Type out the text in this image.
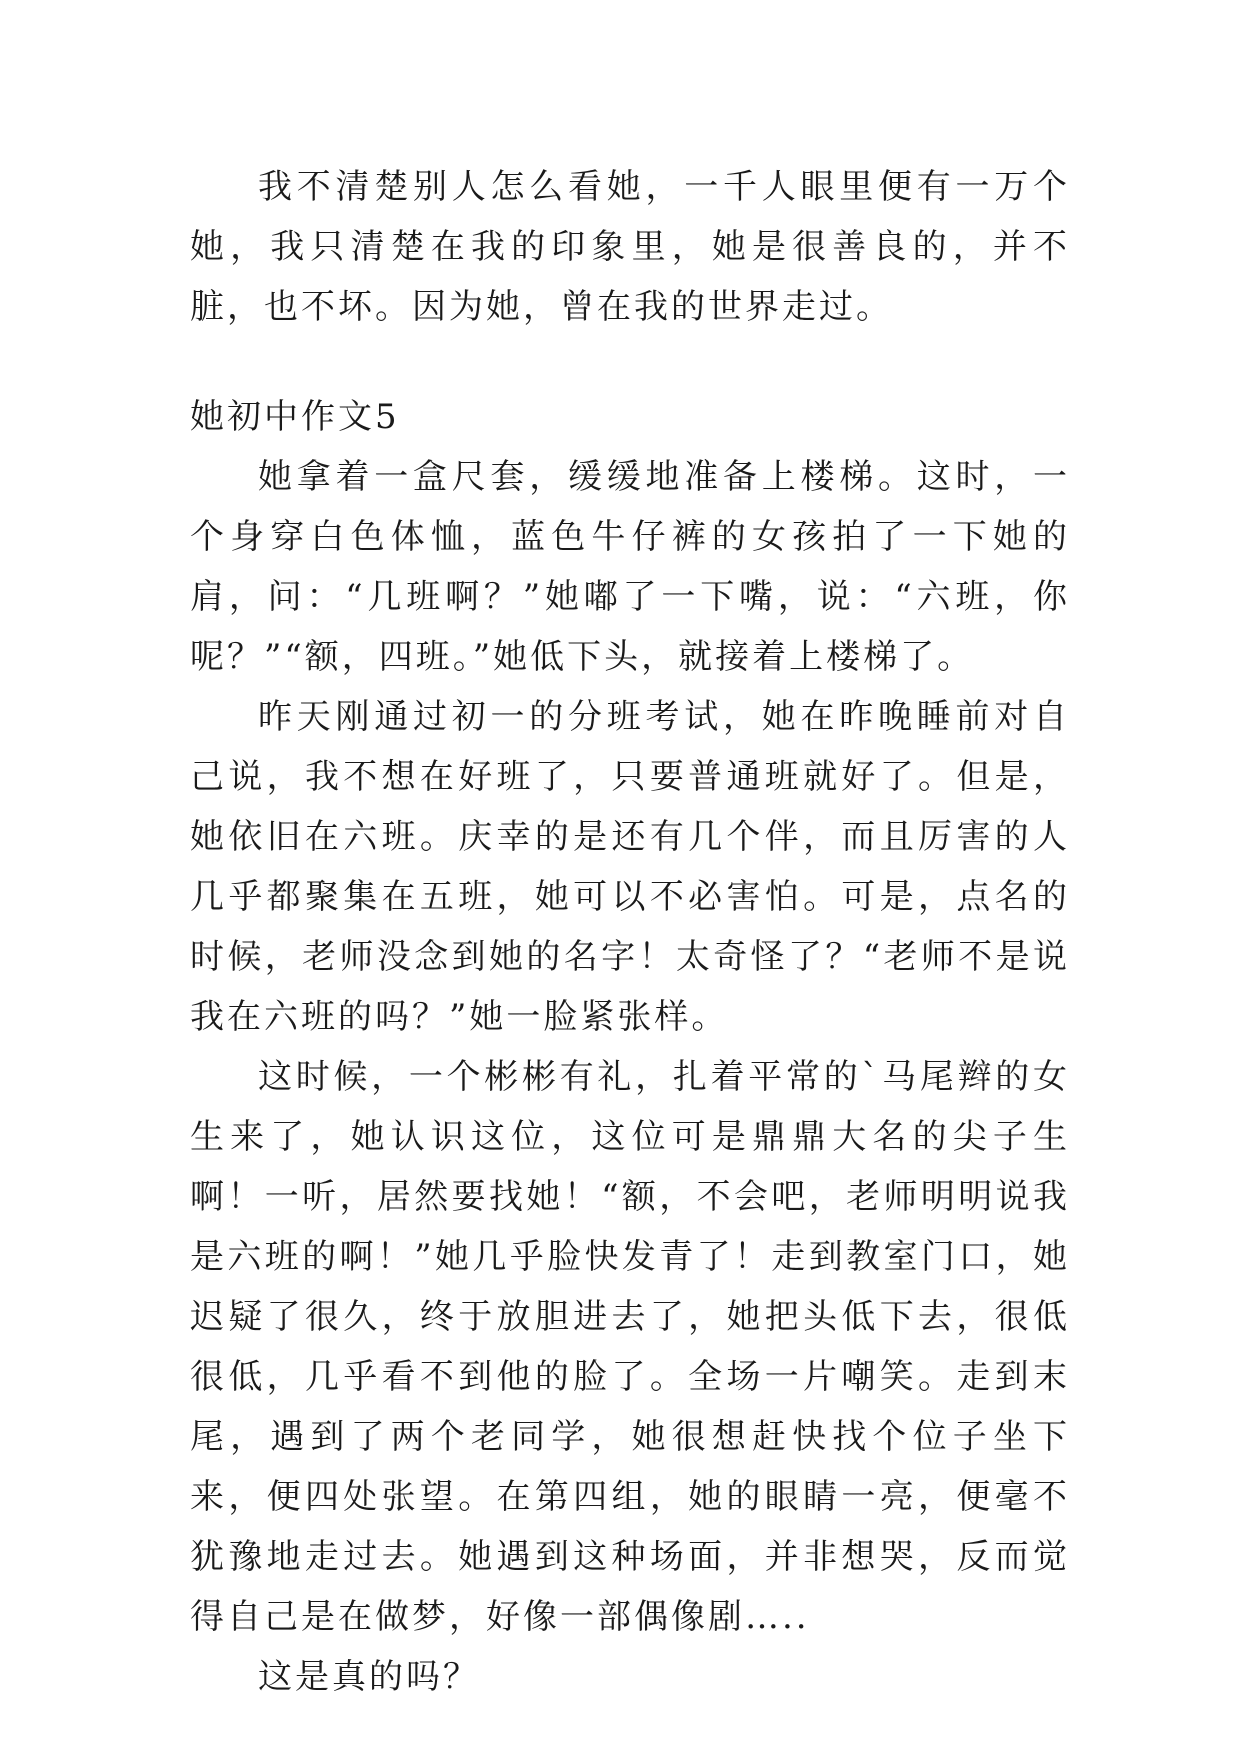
我不清楚别人怎么看她，一千人眼里便有一万个她，我只清楚在我的印象里，她是很善良的，并不脏，也不坏。因为她，曾在我的世界走过。

她初中作文5

她拿着一盒尺套，缓缓地准备上楼梯。这时，一个身穿白色体恤，蓝色牛仔裤的女孩拍了一下她的肩，问：“几班啊？”她嘟了一下嘴，说：“六班，你呢？”“额，四班。”她低下头，就接着上楼梯了。

昨天刚通过初一的分班考试，她在昨晚睡前对自己说，我不想在好班了，只要普通班就好了。但是，她依旧在六班。庆幸的是还有几个伴，而且厉害的人几乎都聚集在五班，她可以不必害怕。可是，点名的时候，老师没念到她的名字！太奇怪了？“老师不是说我在六班的吗？”她一脸紧张样。

这时候，一个彬彬有礼，扎着平常的`马尾辫的女生来了，她认识这位，这位可是鼎鼎大名的尖子生啊！一听，居然要找她！“额，不会吧，老师明明说我是六班的啊！”她几乎脸快发青了！走到教室门口，她迟疑了很久，终于放胆进去了，她把头低下去，很低很低，几乎看不到他的脸了。全场一片嘲笑。走到末尾，遇到了两个老同学，她很想赶快找个位子坐下来，便四处张望。在第四组，她的眼睛一亮，便毫不犹豫地走过去。她遇到这种场面，并非想哭，反而觉得自己是在做梦，好像一部偶像剧…..

这是真的吗？
